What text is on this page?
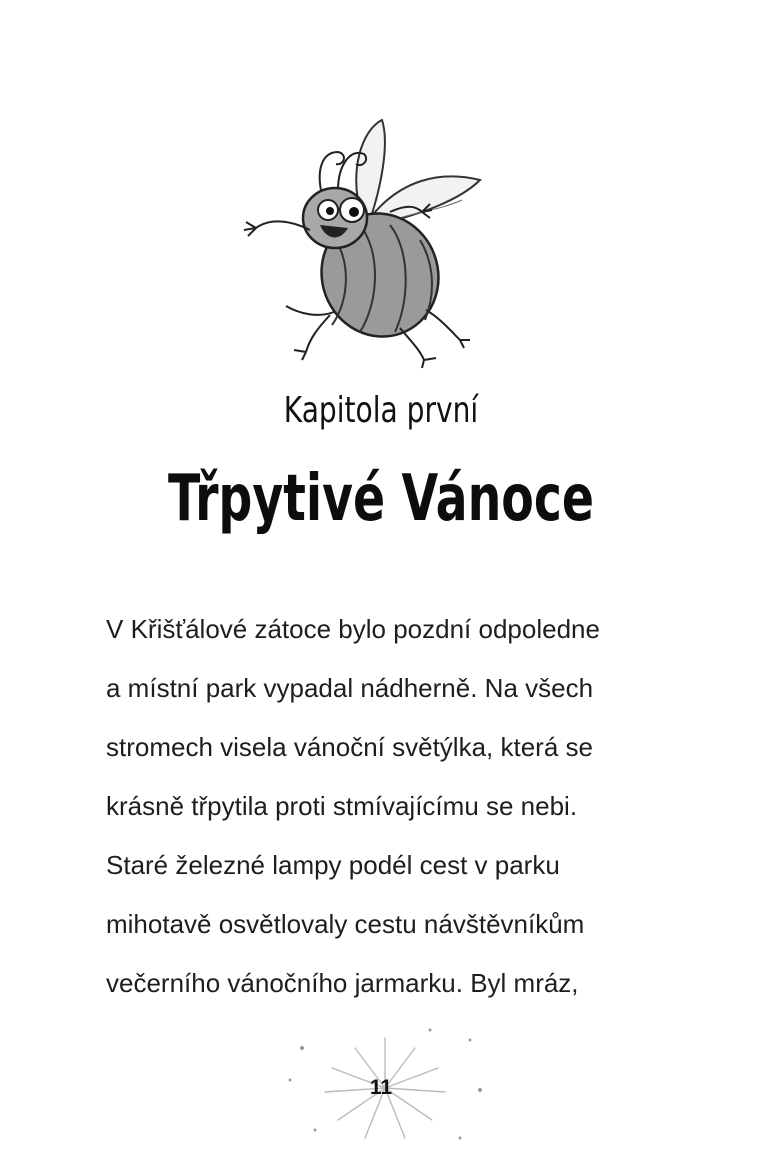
Kapitola první
Třpytivé Vánoce
V Křišťálové zátoce bylo pozdní odpoledne
a místní park vypadal nádherně. Na všech
stromech visela vánoční světýlka, která se
krásně třpytila proti stmívajícímu se nebi.
Staré železné lampy podél cest v parku
mihotavě osvětlovaly cestu návštěvníkům
večerního vánočního jarmarku. Byl mráz,
11
